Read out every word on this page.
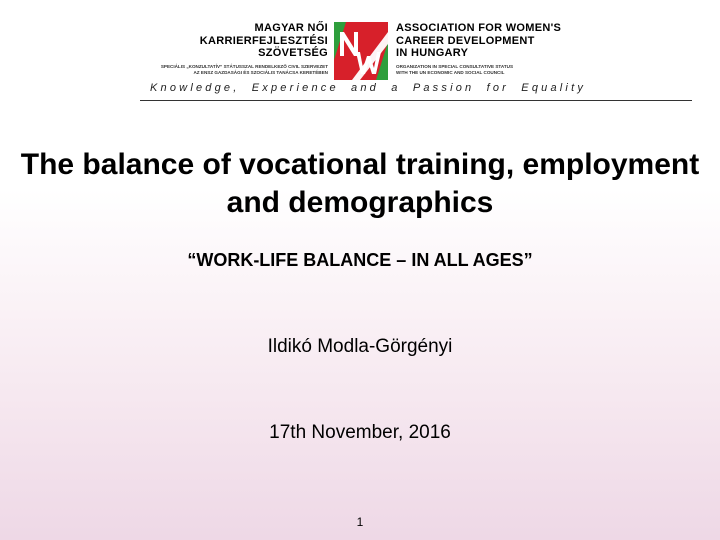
MAGYAR NŐI
KARRIERFEJLESZTÉSI
SZÖVETSÉG
SPECIÁLIS „KONZULTATÍV” STÁTUSSZAL RENDELKEZŐ CIVIL SZERVEZET
AZ ENSZ GAZDASÁGI ÉS SZOCIÁLIS TANÁCSA KERETÉBEN
ASSOCIATION FOR WOMEN'S
CAREER DEVELOPMENT
IN HUNGARY
ORGANIZATION IN SPECIAL CONSULTATIVE STATUS
WITH THE UN ECONOMIC AND SOCIAL COUNCIL
Knowledge, Experience and a Passion for Equality
The balance of vocational training, employment and demographics
“WORK-LIFE BALANCE – IN ALL AGES”
Ildikó Modla-Görgényi
17th November, 2016
1
